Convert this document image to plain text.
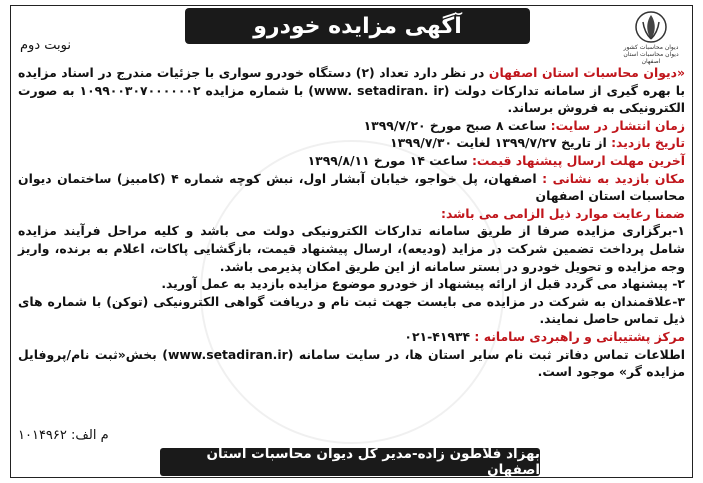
دیوان محاسبات کشور
دیوان محاسبات استان اصفهان
آگهی مزایده خودرو
نوبت دوم

«دیوان محاسبات استان اصفهان در نظر دارد تعداد (۲) دستگاه خودرو سواری با جزئیات مندرج در اسناد مزایده با بهره گیری از سامانه تدارکات دولت (www. setadiran. ir) با شماره مزایده ۱۰۹۹۰۰۳۰۷۰۰۰۰۰۰۲ به صورت الکترونیکی به فروش برساند.

زمان انتشار در سایت: ساعت ۸ صبح مورخ ۱۳۹۹/۷/۲۰

تاریخ بازدید: از تاریخ ۱۳۹۹/۷/۲۷ لغایت ۱۳۹۹/۷/۳۰

آخرین مهلت ارسال پیشنهاد قیمت: ساعت ۱۴ مورخ ۱۳۹۹/۸/۱۱

مکان بازدید به نشانی : اصفهان، پل خواجو، خیابان آبشار اول، نبش کوچه شماره ۴ (کامبیز) ساختمان دیوان محاسبات استان اصفهان

ضمنا رعایت موارد ذیل الزامی می باشد:

۱-برگزاری مزایده صرفا از طریق سامانه تدارکات الکترونیکی دولت می باشد و کلیه مراحل فرآیند مزایده شامل پرداخت تضمین شرکت در مزاید (ودیعه)، ارسال پیشنهاد قیمت، بازگشایی پاکات، اعلام به برنده، واریز وجه مزایده و تحویل خودرو در بستر سامانه از این طریق امکان پذیرمی باشد.

۲- پیشنهاد می گردد قبل از ارائه پیشنهاد از خودرو موضوع مزایده بازدید به عمل آورید.

۳-علاقمندان به شرکت در مزایده می بایست جهت ثبت نام و دریافت گواهی الکترونیکی (توکن) با شماره های ذیل تماس حاصل نمایند.

مرکز پشتیبانی و راهبردی سامانه : ۴۱۹۳۴-۰۲۱

اطلاعات تماس دفاتر ثبت نام سایر استان ها، در سایت سامانه (www.setadiran.ir) بخش«ثبت نام/پروفایل مزایده گر» موجود است.

م الف: ۱۰۱۴۹۶۲
بهزاد فلاطون زاده-مدیر کل دیوان محاسبات استان اصفهان
